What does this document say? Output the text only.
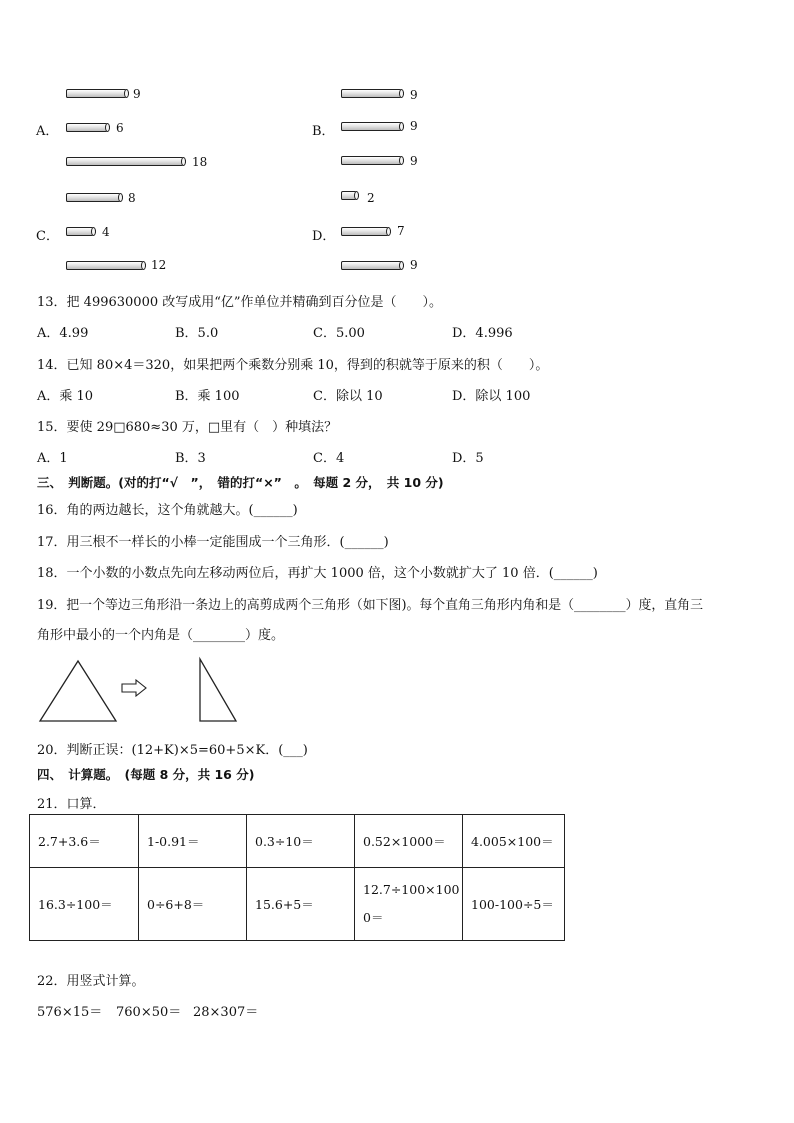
9
A．	6
18
9
B．	9
9
8
C．	4
12
2
D．	7
9
13．把 499630000 改写成用“亿”作单位并精确到百分位是（　　）。
A．4.99	B．5.0	C．5.00	D．4.996
14．已知 80×4＝320，如果把两个乘数分别乘 10，得到的积就等于原来的积（　　）。
A．乘 10	B．乘 100	C．除以 10	D．除以 100
15．要使 29□680≈30 万，□里有（　）种填法？
A．1	B．3	C．4	D．5
三、　判断题。(对的打“√　”，　错的打“×”　。　每题 2 分，　共 10 分)
16．角的两边越长，这个角就越大。(______)
17．用三根不一样长的小棒一定能围成一个三角形．(______)
18．一个小数的小数点先向左移动两位后，再扩大 1000 倍，这个小数就扩大了 10 倍．(______)
19．把一个等边三角形沿一条边上的高剪成两个三角形（如下图)。每个直角三角形内角和是（________）度，直角三
角形中最小的一个内角是（________）度。
20．判断正误：(12+K)×5=60+5×K．(___)
四、　计算题。　(每题 8 分，共 16 分)
21．口算．
2.7+3.6＝	1-0.91＝	0.3÷10＝	0.52×1000＝	4.005×100＝
16.3÷100＝	0÷6+8＝	15.6+5＝	12.7÷100×1000＝	100-100÷5＝
22．用竖式计算。
576×15＝ 760×50＝ 28×307＝
